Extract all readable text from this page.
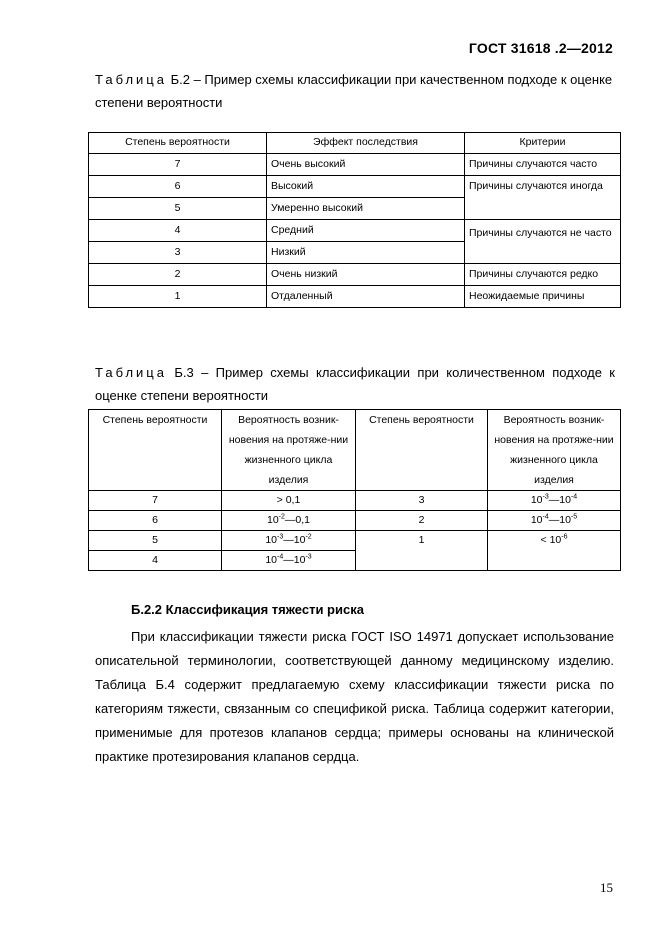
ГОСТ 31618 .2—2012
Таблица Б.2 – Пример схемы классификации при качественном подходе к оценке степени вероятности
Степень вероятности	Эффект последствия	Критерии
7	Очень высокий	Причины случаются часто
6	Высокий	Причины случаются иногда
5	Умеренно высокий	
4	Средний	Причины случаются не часто
3	Низкий	
2	Очень низкий	Причины случаются редко
1	Отдаленный	Неожидаемые причины
Таблица Б.3 – Пример схемы классификации при количественном подходе к оценке степени вероятности
Степень вероятности	Вероятность возник-новения на протяже-нии жизненного цикла изделия	Степень вероятности	Вероятность возник-новения на протяже-нии жизненного цикла изделия
7	> 0,1	3	$10^{-3}—10^{-4}$
6	$10^{-2}—0,1$	2	$10^{-4}—10^{-5}$
5	$10^{-3}—10^{-2}$	1	< $10^{-6}$
4	$10^{-4}—10^{-3}$
Б.2.2 Классификация тяжести риска
При классификации тяжести риска ГОСТ ISO 14971 допускает использование описательной терминологии, соответствующей данному медицинскому изделию. Таблица Б.4 содержит предлагаемую схему классификации тяжести риска по категориям тяжести, связанным со спецификой риска. Таблица содержит категории, применимые для протезов клапанов сердца; примеры основаны на клинической практике протезирования клапанов сердца.
15
